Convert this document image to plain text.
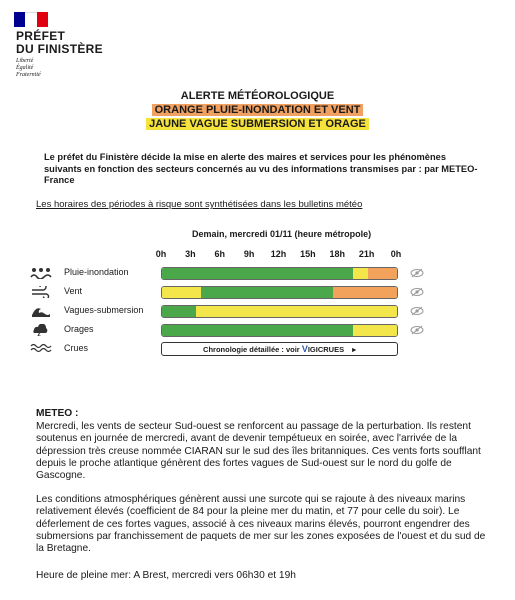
PRÉFET
DU FINISTÈRE
Liberté
Égalité
Fraternité
ALERTE MÉTÉOROLOGIQUE
ORANGE PLUIE-INONDATION ET VENT
JAUNE VAGUE SUBMERSION ET ORAGE
Le préfet du Finistère décide la mise en alerte des maires et services pour les phénomènes suivants en fonction des secteurs concernés au vu des informations transmises par : par METEO-France
Les horaires des périodes à risque sont synthétisées dans les bulletins météo
Demain, mercredi 01/11 (heure métropole)
0h	3h	6h	9h	12h	15h	18h	21h	0h
Pluie-inondation
Vent
Vagues-submersion
Orages
Crues	Chronologie détaillée : voir VIGICRUES ▸
METEO :
Mercredi, les vents de secteur Sud-ouest se renforcent au passage de la perturbation. Ils restent soutenus en journée de mercredi, avant de devenir tempétueux en soirée, avec l'arrivée de la dépression très creuse nommée CIARAN sur le sud des îles britanniques. Ces vents forts soufflant depuis le proche atlantique génèrent des fortes vagues de Sud-ouest sur le nord du golfe de Gascogne.
Les conditions atmosphériques génèrent aussi une surcote qui se rajoute à des niveaux marins relativement élevés (coefficient de 84 pour la pleine mer du matin, et 77 pour celle du soir). Le déferlement de ces fortes vagues, associé à ces niveaux marins élevés, pourront engendrer des submersions par franchissement de paquets de mer sur les zones exposées de l'ouest et du sud de la Bretagne.
Heure de pleine mer: A Brest, mercredi vers 06h30 et 19h
